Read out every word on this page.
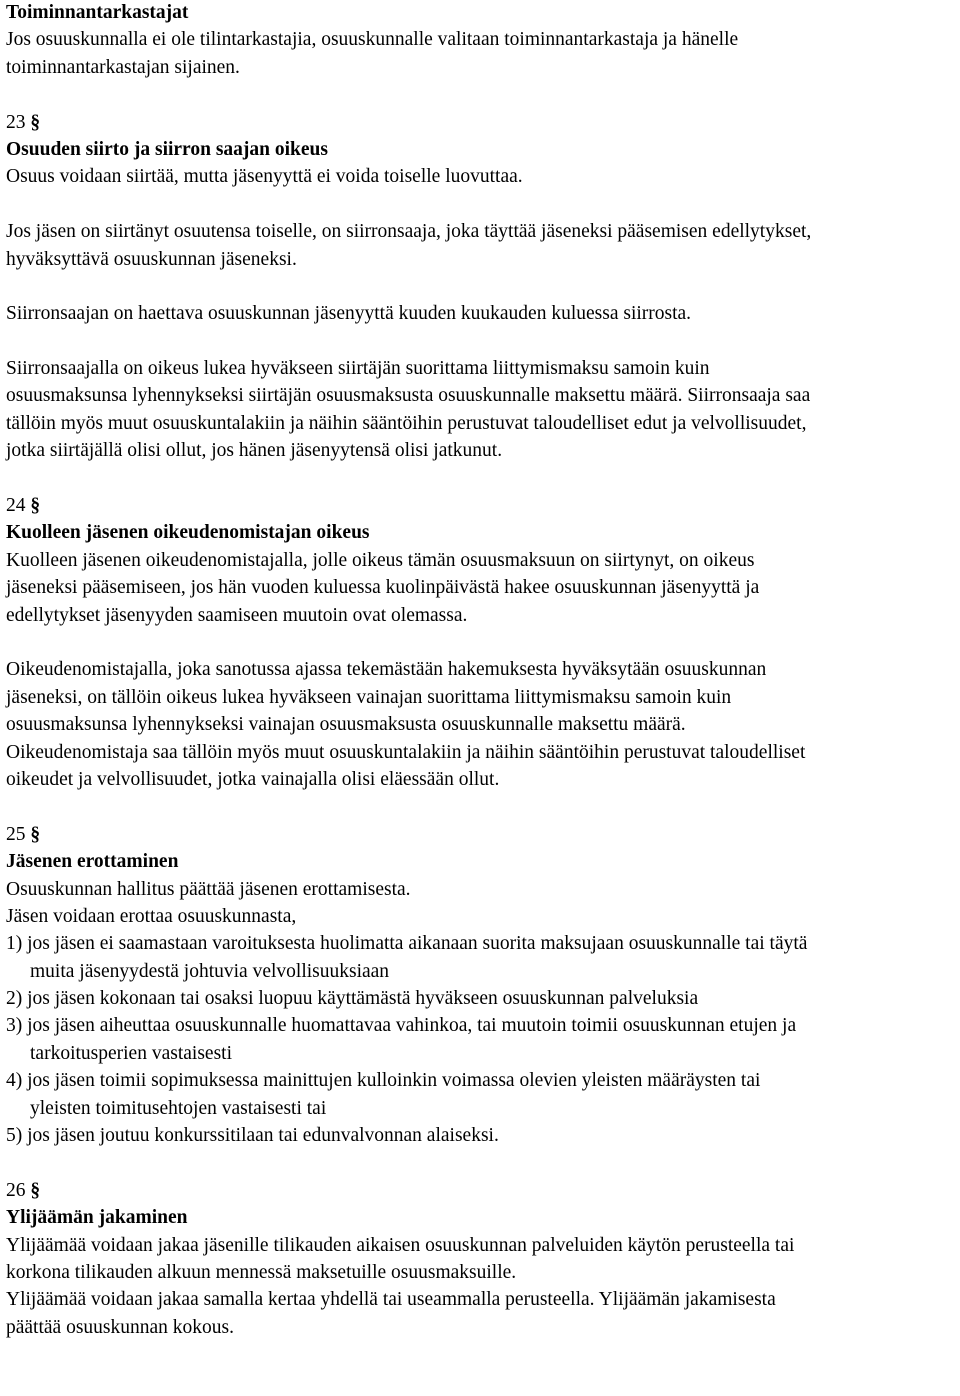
Toiminnantarkastajat
Jos osuuskunnalla ei ole tilintarkastajia, osuuskunnalle valitaan toiminnantarkastaja ja hänelle
toiminnantarkastajan sijainen.
23 §
Osuuden siirto ja siirron saajan oikeus
Osuus voidaan siirtää, mutta jäsenyyttä ei voida toiselle luovuttaa.
Jos jäsen on siirtänyt osuutensa toiselle, on siirronsaaja, joka täyttää jäseneksi pääsemisen edellytykset,
hyväksyttävä osuuskunnan jäseneksi.
Siirronsaajan on haettava osuuskunnan jäsenyyttä kuuden kuukauden kuluessa siirrosta.
Siirronsaajalla on oikeus lukea hyväkseen siirtäjän suorittama liittymismaksu samoin kuin
osuusmaksunsa lyhennykseksi siirtäjän osuusmaksusta osuuskunnalle maksettu määrä. Siirronsaaja saa
tällöin myös muut osuuskuntalakiin ja näihin sääntöihin perustuvat taloudelliset edut ja velvollisuudet,
jotka siirtäjällä olisi ollut, jos hänen jäsenyytensä olisi jatkunut.
24 §
Kuolleen jäsenen oikeudenomistajan oikeus
Kuolleen jäsenen oikeudenomistajalla, jolle oikeus tämän osuusmaksuun on siirtynyt, on oikeus
jäseneksi pääsemiseen, jos hän vuoden kuluessa kuolinpäivästä hakee osuuskunnan jäsenyyttä ja
edellytykset jäsenyyden saamiseen muutoin ovat olemassa.
Oikeudenomistajalla, joka sanotussa ajassa tekemästään hakemuksesta hyväksytään osuuskunnan
jäseneksi, on tällöin oikeus lukea hyväkseen vainajan suorittama liittymismaksu samoin kuin
osuusmaksunsa lyhennykseksi vainajan osuusmaksusta osuuskunnalle maksettu määrä.
Oikeudenomistaja saa tällöin myös muut osuuskuntalakiin ja näihin sääntöihin perustuvat taloudelliset
oikeudet ja velvollisuudet, jotka vainajalla olisi eläessään ollut.
25 §
Jäsenen erottaminen
Osuuskunnan hallitus päättää jäsenen erottamisesta.
Jäsen voidaan erottaa osuuskunnasta,
1) jos jäsen ei saamastaan varoituksesta huolimatta aikanaan suorita maksujaan osuuskunnalle tai täytä
muita jäsenyydestä johtuvia velvollisuuksiaan
2) jos jäsen kokonaan tai osaksi luopuu käyttämästä hyväkseen osuuskunnan palveluksia
3) jos jäsen aiheuttaa osuuskunnalle huomattavaa vahinkoa, tai muutoin toimii osuuskunnan etujen ja
tarkoitusperien vastaisesti
4) jos jäsen toimii sopimuksessa mainittujen kulloinkin voimassa olevien yleisten määräysten tai
yleisten toimitusehtojen vastaisesti tai
5) jos jäsen joutuu konkurssitilaan tai edunvalvonnan alaiseksi.
26 §
Ylijäämän jakaminen
Ylijäämää voidaan jakaa jäsenille tilikauden aikaisen osuuskunnan palveluiden käytön perusteella tai
korkona tilikauden alkuun mennessä maksetuille osuusmaksuille.
Ylijäämää voidaan jakaa samalla kertaa yhdellä tai useammalla perusteella. Ylijäämän jakamisesta
päättää osuuskunnan kokous.
